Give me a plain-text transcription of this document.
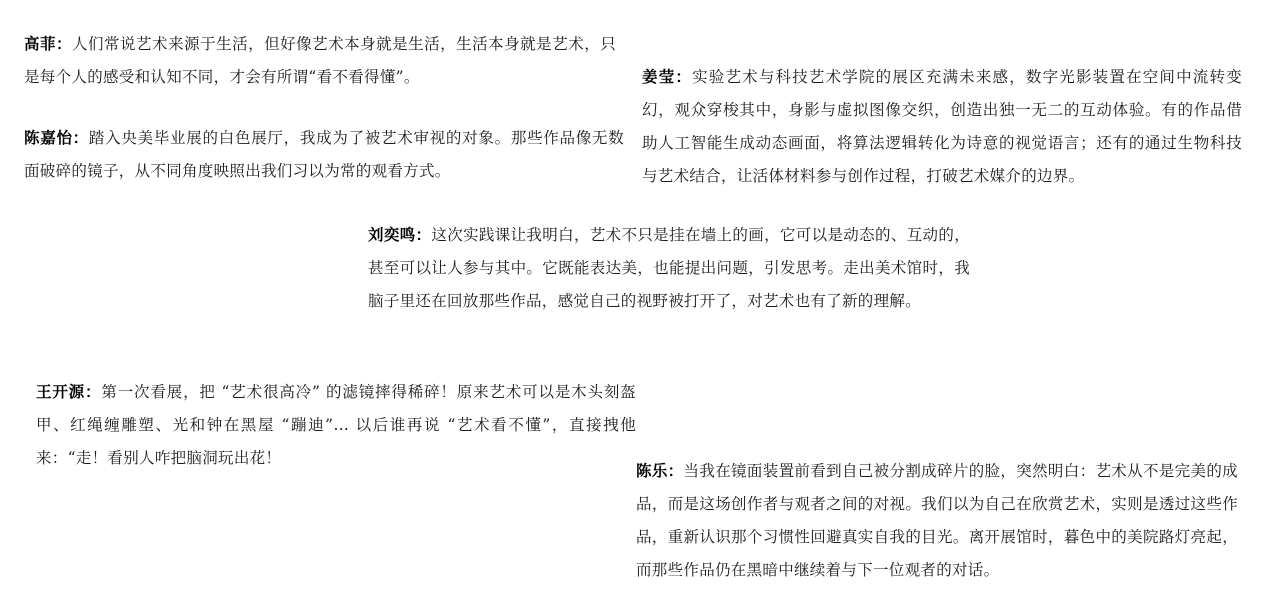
高菲：人们常说艺术来源于生活，但好像艺术本身就是生活，生活本身就是艺术，只是每个人的感受和认知不同，才会有所谓“看不看得懂”。

陈嘉怡：踏入央美毕业展的白色展厅，我成为了被艺术审视的对象。那些作品像无数面破碎的镜子，从不同角度映照出我们习以为常的观看方式。

姜莹：实验艺术与科技艺术学院的展区充满未来感，数字光影装置在空间中流转变幻，观众穿梭其中，身影与虚拟图像交织，创造出独一无二的互动体验。有的作品借助人工智能生成动态画面，将算法逻辑转化为诗意的视觉语言；还有的通过生物科技与艺术结合，让活体材料参与创作过程，打破艺术媒介的边界。

刘奕鸣：这次实践课让我明白，艺术不只是挂在墙上的画，它可以是动态的、互动的，甚至可以让人参与其中。它既能表达美，也能提出问题，引发思考。走出美术馆时，我脑子里还在回放那些作品，感觉自己的视野被打开了，对艺术也有了新的理解。

王开源：第一次看展，把 “艺术很高冷” 的滤镜摔得稀碎！原来艺术可以是木头刻盔甲、红绳缠雕塑、光和钟在黑屋 “蹦迪”… 以后谁再说 “艺术看不懂”，直接拽他来：“走！看别人咋把脑洞玩出花！

陈乐：当我在镜面装置前看到自己被分割成碎片的脸，突然明白：艺术从不是完美的成品，而是这场创作者与观者之间的对视。我们以为自己在欣赏艺术，实则是透过这些作品，重新认识那个习惯性回避真实自我的目光。离开展馆时，暮色中的美院路灯亮起，而那些作品仍在黑暗中继续着与下一位观者的对话。
